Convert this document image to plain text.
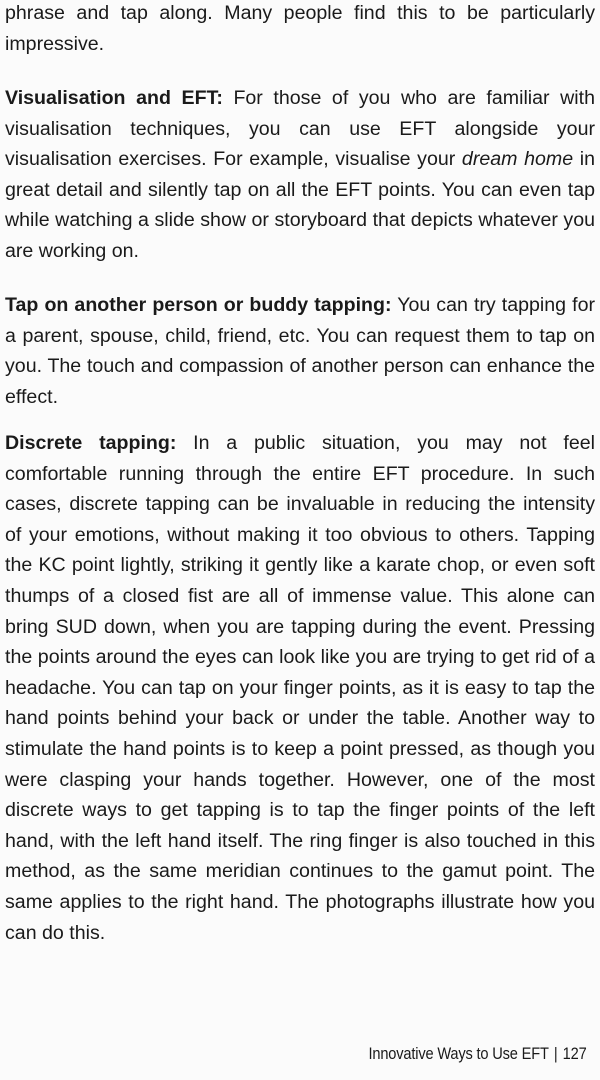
phrase and tap along. Many people find this to be particularly impressive.

Visualisation and EFT: For those of you who are familiar with visualisation techniques, you can use EFT alongside your visualisation exercises. For example, visualise your dream home in great detail and silently tap on all the EFT points. You can even tap while watching a slide show or storyboard that depicts whatever you are working on.

Tap on another person or buddy tapping: You can try tapping for a parent, spouse, child, friend, etc. You can request them to tap on you. The touch and compassion of another person can enhance the effect.

Discrete tapping: In a public situation, you may not feel comfortable running through the entire EFT procedure. In such cases, discrete tapping can be invaluable in reducing the intensity of your emotions, without making it too obvious to others. Tapping the KC point lightly, striking it gently like a karate chop, or even soft thumps of a closed fist are all of immense value. This alone can bring SUD down, when you are tapping during the event. Pressing the points around the eyes can look like you are trying to get rid of a headache. You can tap on your finger points, as it is easy to tap the hand points behind your back or under the table. Another way to stimulate the hand points is to keep a point pressed, as though you were clasping your hands together. However, one of the most discrete ways to get tapping is to tap the finger points of the left hand, with the left hand itself. The ring finger is also touched in this method, as the same meridian continues to the gamut point. The same applies to the right hand. The photographs illustrate how you can do this.

Innovative Ways to Use EFT | 127
